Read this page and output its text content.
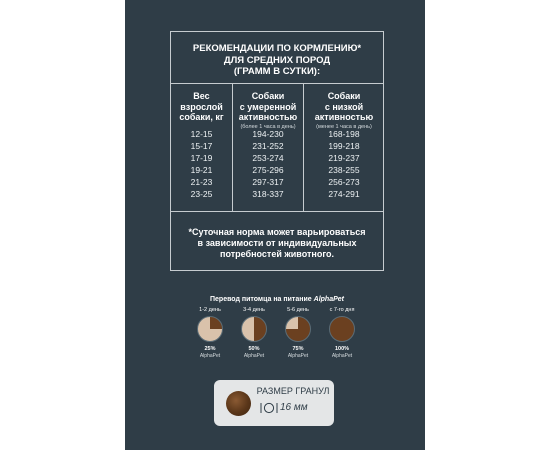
РЕКОМЕНДАЦИИ ПО КОРМЛЕНИЮ*
ДЛЯ СРЕДНИХ ПОРОД
(ГРАММ В СУТКИ):
Вес
взрослой
собаки, кг
Собаки
с умеренной
активностью
(более 1 часа в день)
Собаки
с низкой
активностью
(менее 1 часа в день)
12-15
15-17
17-19
19-21
21-23
23-25
194-230
231-252
253-274
275-296
297-317
318-337
168-198
199-218
219-237
238-255
256-273
274-291
*Суточная норма может варьироваться
в зависимости от индивидуальных
потребностей животного.
Перевод питомца на питание AlphaPet
1-2 день
25%
AlphaPet
3-4 день
50%
AlphaPet
5-6 день
75%
AlphaPet
с 7-го дня
100%
AlphaPet
РАЗМЕР ГРАНУЛ
16 мм
